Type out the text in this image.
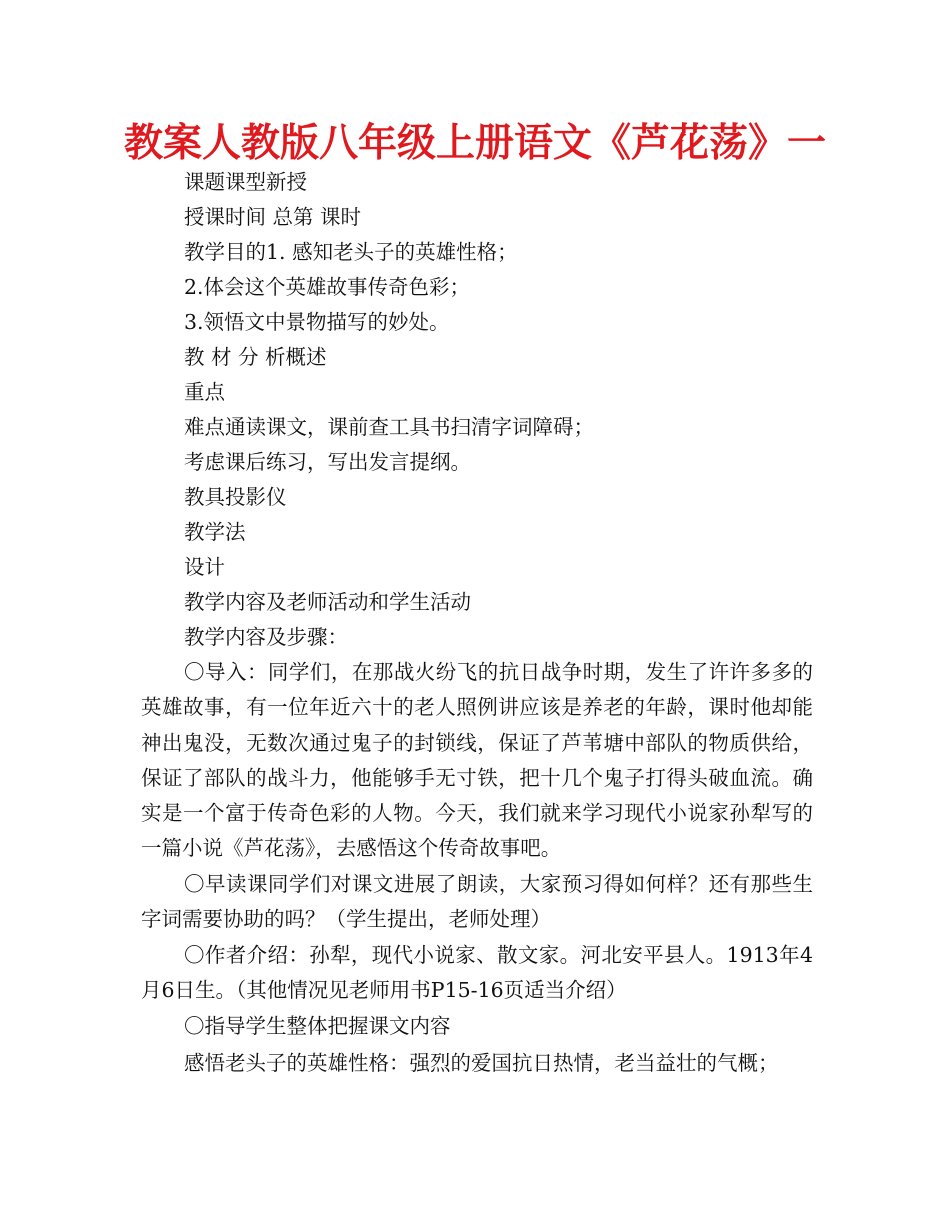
教案人教版八年级上册语文《芦花荡》一
课题课型新授
授课时间 总第 课时
教学目的1. 感知老头子的英雄性格；
2.体会这个英雄故事传奇色彩；
3.领悟文中景物描写的妙处。
教 材 分 析概述
重点
难点通读课文，课前查工具书扫清字词障碍；
考虑课后练习，写出发言提纲。
教具投影仪
教学法
设计
教学内容及老师活动和学生活动
教学内容及步骤：
〇导入：同学们，在那战火纷飞的抗日战争时期，发生了许许多多的英雄故事，有一位年近六十的老人照例讲应该是养老的年龄，课时他却能神出鬼没，无数次通过鬼子的封锁线，保证了芦苇塘中部队的物质供给，保证了部队的战斗力，他能够手无寸铁，把十几个鬼子打得头破血流。确实是一个富于传奇色彩的人物。今天，我们就来学习现代小说家孙犁写的一篇小说《芦花荡》，去感悟这个传奇故事吧。
〇早读课同学们对课文进展了朗读，大家预习得如何样？还有那些生字词需要协助的吗？（学生提出，老师处理）
〇作者介绍：孙犁，现代小说家、散文家。河北安平县人。1913年4月6日生。（其他情况见老师用书P15-16页适当介绍）
〇指导学生整体把握课文内容
感悟老头子的英雄性格：强烈的爱国抗日热情，老当益壮的气概；
